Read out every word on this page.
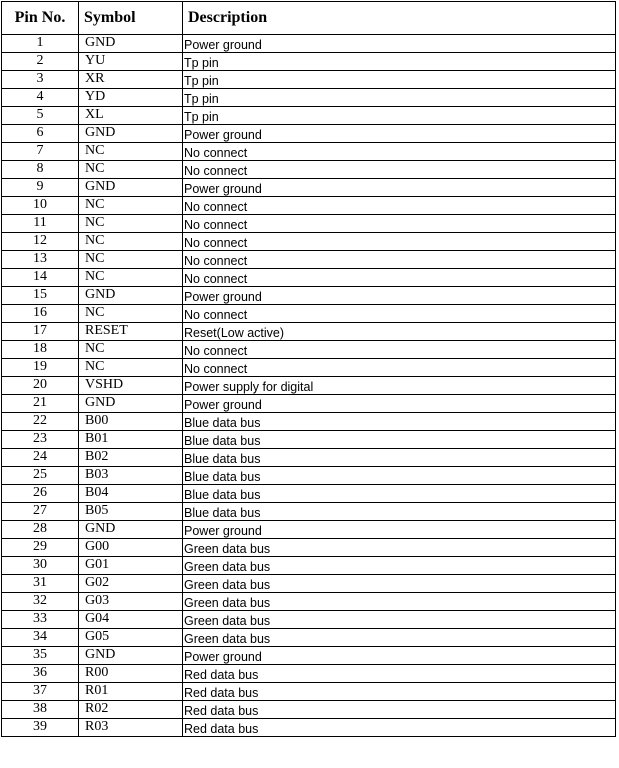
Pin No.	Symbol	Description
1	GND	Power ground
2	YU	Tp pin
3	XR	Tp pin
4	YD	Tp pin
5	XL	Tp pin
6	GND	Power ground
7	NC	No connect
8	NC	No connect
9	GND	Power ground
10	NC	No connect
11	NC	No connect
12	NC	No connect
13	NC	No connect
14	NC	No connect
15	GND	Power ground
16	NC	No connect
17	RESET	Reset(Low active)
18	NC	No connect
19	NC	No connect
20	VSHD	Power supply for digital
21	GND	Power ground
22	B00	Blue data bus
23	B01	Blue data bus
24	B02	Blue data bus
25	B03	Blue data bus
26	B04	Blue data bus
27	B05	Blue data bus
28	GND	Power ground
29	G00	Green data bus
30	G01	Green data bus
31	G02	Green data bus
32	G03	Green data bus
33	G04	Green data bus
34	G05	Green data bus
35	GND	Power ground
36	R00	Red data bus
37	R01	Red data bus
38	R02	Red data bus
39	R03	Red data bus
